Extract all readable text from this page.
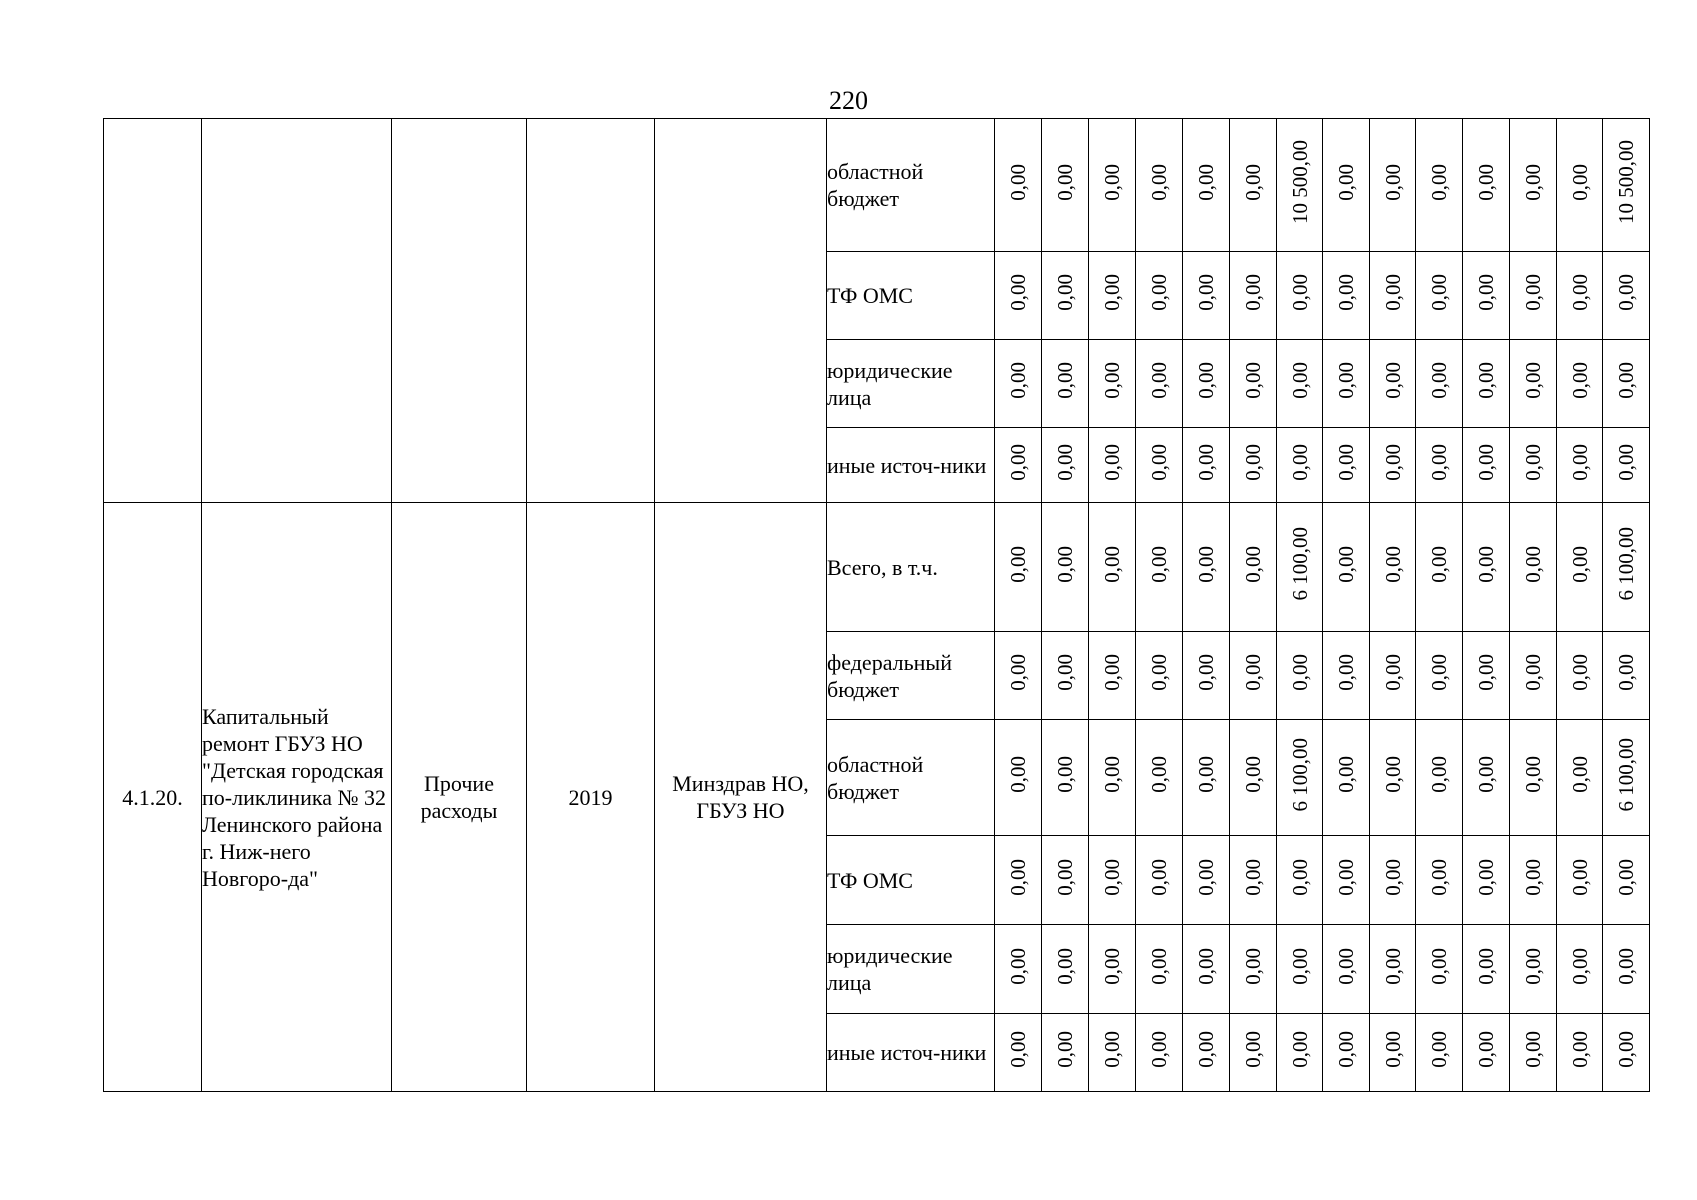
220
					областной бюджет	0,00	0,00	0,00	0,00	0,00	0,00	10 500,00	0,00	0,00	0,00	0,00	0,00	0,00	10 500,00
					ТФ ОМС	0,00	0,00	0,00	0,00	0,00	0,00	0,00	0,00	0,00	0,00	0,00	0,00	0,00	0,00
					юридические лица	0,00	0,00	0,00	0,00	0,00	0,00	0,00	0,00	0,00	0,00	0,00	0,00	0,00	0,00
					иные источ-ники	0,00	0,00	0,00	0,00	0,00	0,00	0,00	0,00	0,00	0,00	0,00	0,00	0,00	0,00
4.1.20.	Капитальный ремонт ГБУЗ НО "Детская городская по-ликлиника № 32 Ленинского района г. Ниж-него Новгоро-да"	Прочие расходы	2019	Минздрав НО, ГБУЗ НО	Всего, в т.ч.	0,00	0,00	0,00	0,00	0,00	0,00	6 100,00	0,00	0,00	0,00	0,00	0,00	0,00	6 100,00
					федеральный бюджет	0,00	0,00	0,00	0,00	0,00	0,00	0,00	0,00	0,00	0,00	0,00	0,00	0,00	0,00
					областной бюджет	0,00	0,00	0,00	0,00	0,00	0,00	6 100,00	0,00	0,00	0,00	0,00	0,00	0,00	6 100,00
					ТФ ОМС	0,00	0,00	0,00	0,00	0,00	0,00	0,00	0,00	0,00	0,00	0,00	0,00	0,00	0,00
					юридические лица	0,00	0,00	0,00	0,00	0,00	0,00	0,00	0,00	0,00	0,00	0,00	0,00	0,00	0,00
					иные источ-ники	0,00	0,00	0,00	0,00	0,00	0,00	0,00	0,00	0,00	0,00	0,00	0,00	0,00	0,00
